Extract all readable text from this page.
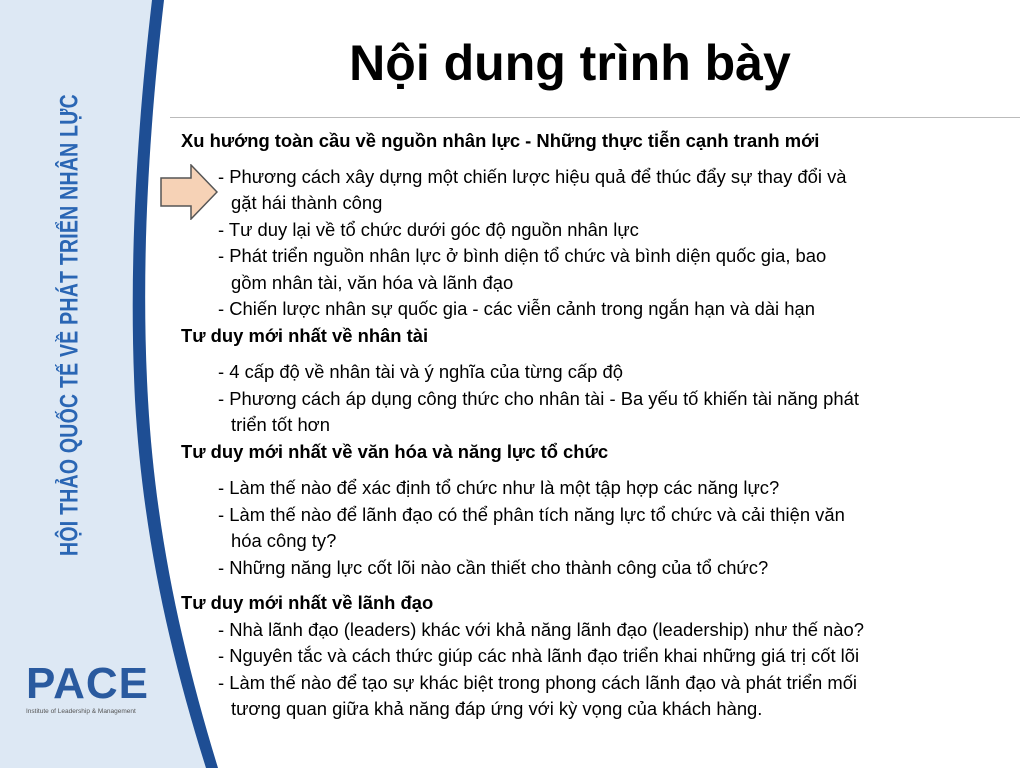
HỘI THẢO QUỐC TẾ VỀ PHÁT TRIỂN NHÂN LỰC
PACE
Institute of Leadership & Management
Nội dung trình bày

Xu hướng toàn cầu về nguồn nhân lực - Những thực tiễn cạnh tranh mới

- Phương cách xây dựng một chiến lược hiệu quả để thúc đẩy sự thay đổi và
gặt hái thành công

- Tư duy lại về tổ chức dưới góc độ nguồn nhân lực

- Phát triển nguồn nhân lực ở bình diện tổ chức và bình diện quốc gia, bao
gồm nhân tài, văn hóa và lãnh đạo

- Chiến lược nhân sự quốc gia - các viễn cảnh trong ngắn hạn và dài hạn

Tư duy mới nhất về nhân tài

- 4 cấp độ về nhân tài và ý nghĩa của từng cấp độ

- Phương cách áp dụng công thức cho nhân tài - Ba yếu tố khiến tài năng phát
triển tốt hơn

Tư duy mới nhất về văn hóa và năng lực tổ chức

- Làm thế nào để xác định tổ chức như là một tập hợp các năng lực?

- Làm thế nào để lãnh đạo có thể phân tích năng lực tổ chức và cải thiện văn
hóa công ty?

- Những năng lực cốt lõi nào cần thiết cho thành công của tổ chức?

Tư duy mới nhất về lãnh đạo

- Nhà lãnh đạo (leaders) khác với khả năng lãnh đạo (leadership) như thế nào?

- Nguyên tắc và cách thức giúp các nhà lãnh đạo triển khai những giá trị cốt lõi

- Làm thế nào để tạo sự khác biệt trong phong cách lãnh đạo và phát triển mối
tương quan giữa khả năng đáp ứng với kỳ vọng của khách hàng.
